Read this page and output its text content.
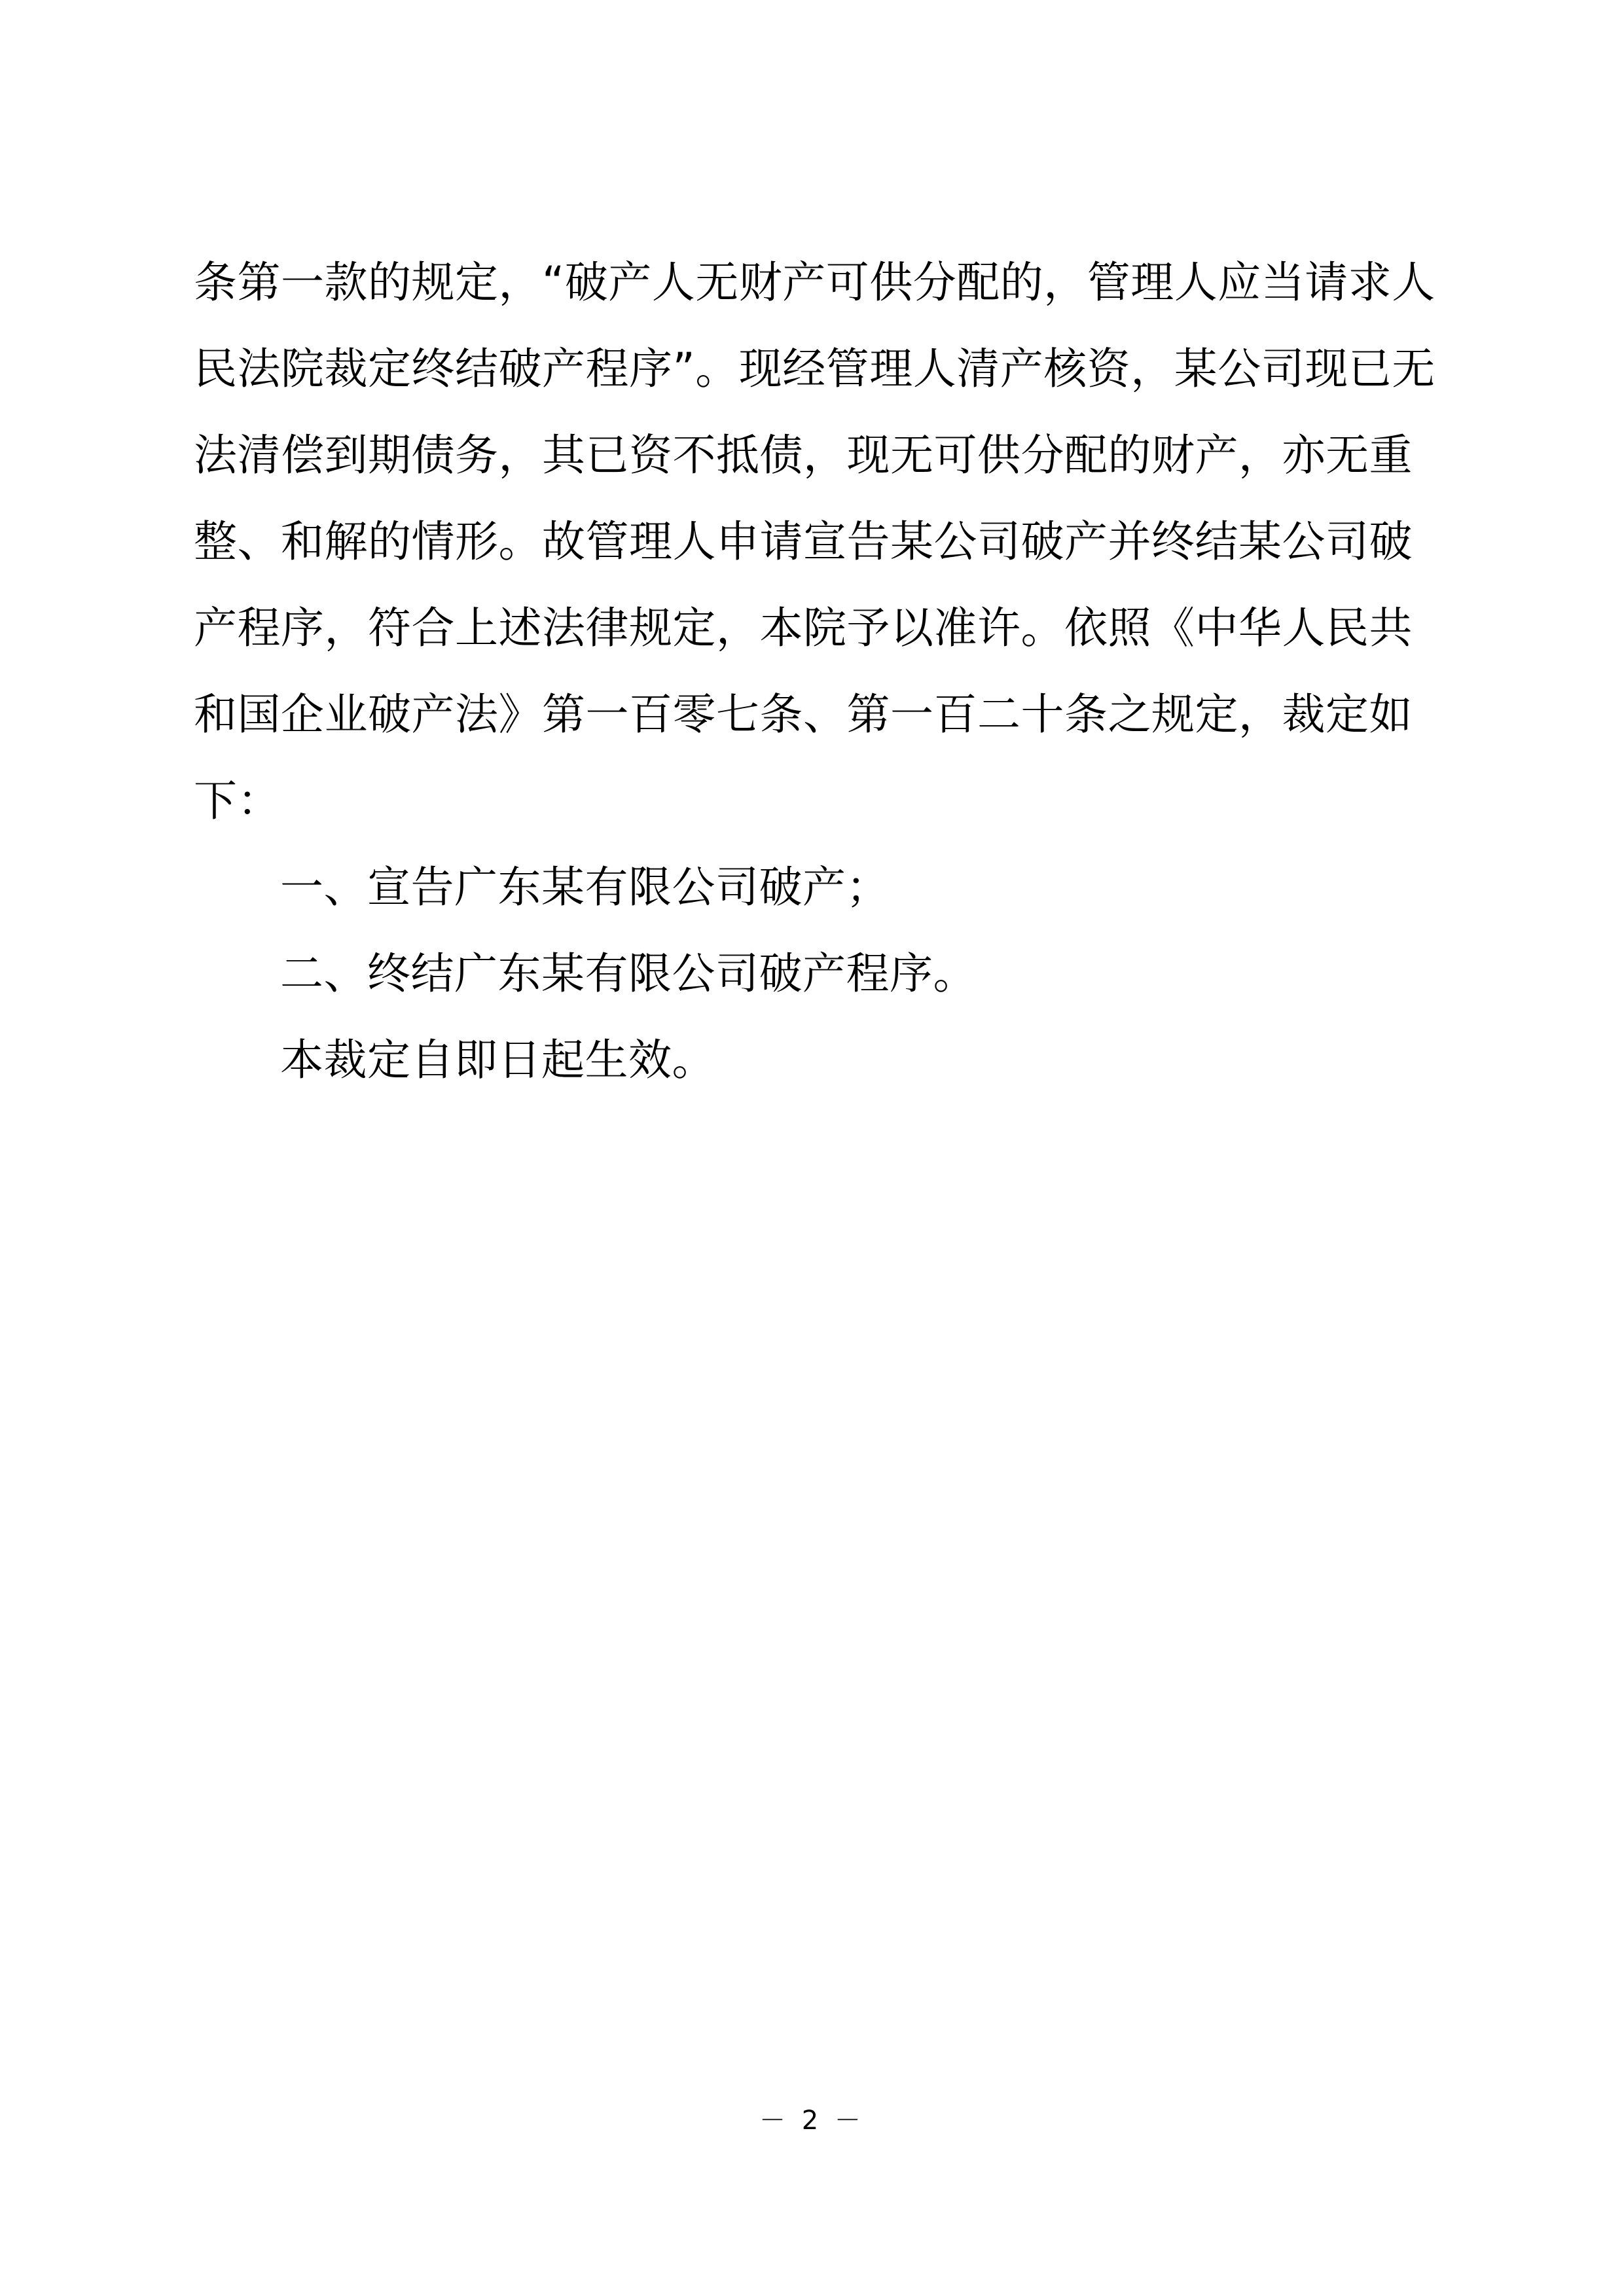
条第一款的规定，“破产人无财产可供分配的，管理人应当请求人
民法院裁定终结破产程序”。现经管理人清产核资，某公司现已无
法清偿到期债务，其已资不抵债，现无可供分配的财产，亦无重
整、和解的情形。故管理人申请宣告某公司破产并终结某公司破
产程序，符合上述法律规定，本院予以准许。依照《中华人民共
和国企业破产法》第一百零七条、第一百二十条之规定，裁定如
下：
一、宣告广东某有限公司破产；
二、终结广东某有限公司破产程序。
本裁定自即日起生效。
－ 2 －
